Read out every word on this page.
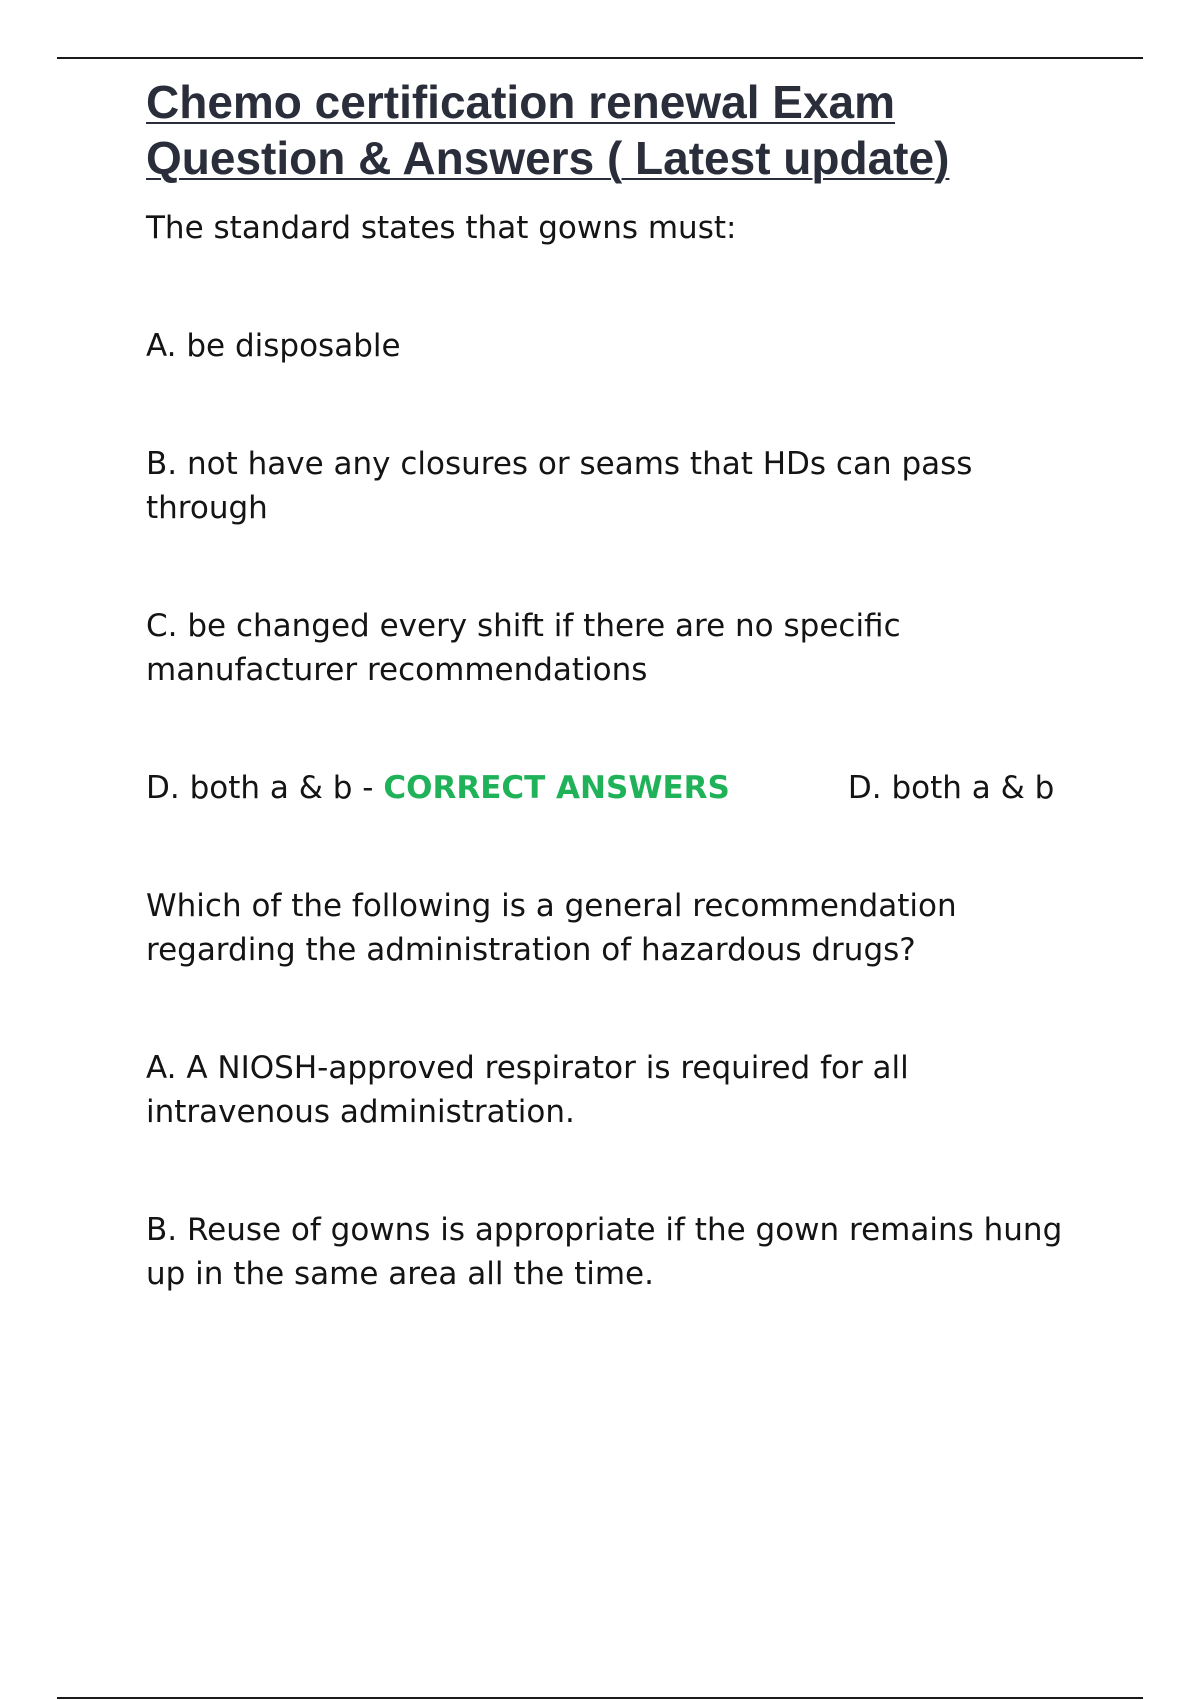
Chemo certification renewal Exam Question & Answers ( Latest update)

The standard states that gowns must:

A. be disposable

B. not have any closures or seams that HDs can pass through

C. be changed every shift if there are no specific manufacturer recommendations

D. both a & b - CORRECT ANSWERS	D. both a & b

Which of the following is a general recommendation regarding the administration of hazardous drugs?

A. A NIOSH-approved respirator is required for all intravenous administration.

B. Reuse of gowns is appropriate if the gown remains hung up in the same area all the time.
